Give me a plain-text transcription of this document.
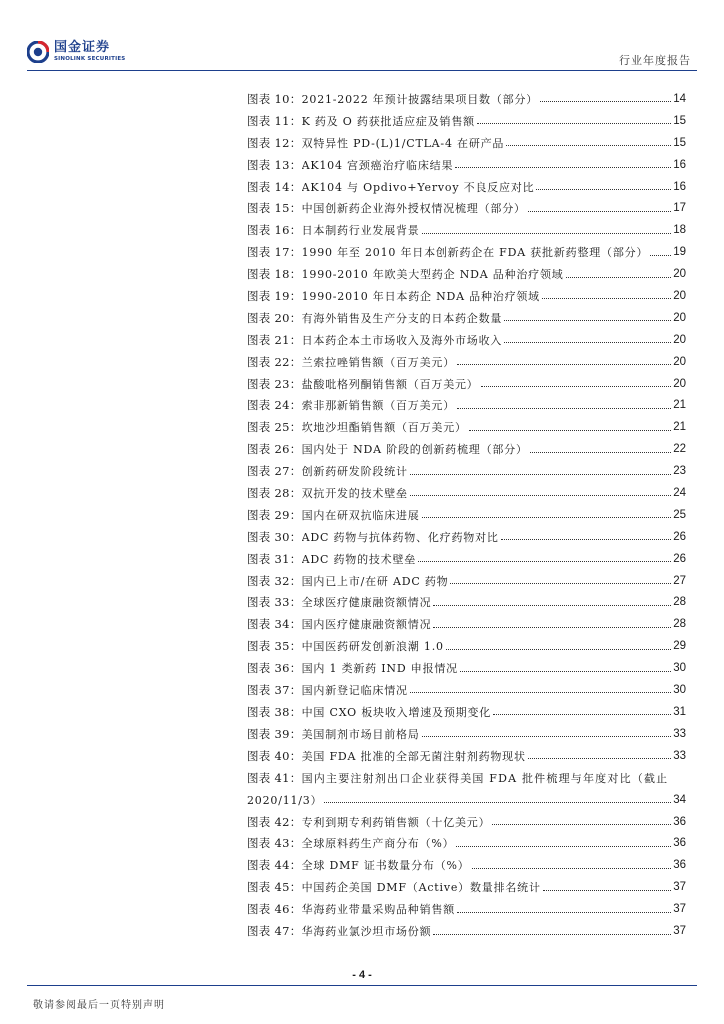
国金证券
SINOLINK SECURITIES	行业年度报告
图表 10： 2021-2022 年预计披露结果项目数（部分）	14
图表 11： K 药及 O 药获批适应症及销售额	15
图表 12： 双特异性 PD-(L)1/CTLA-4 在研产品	15
图表 13： AK104 宫颈癌治疗临床结果	16
图表 14： AK104 与 Opdivo+Yervoy 不良反应对比	16
图表 15： 中国创新药企业海外授权情况梳理（部分）	17
图表 16： 日本制药行业发展背景	18
图表 17： 1990 年至 2010 年日本创新药企在 FDA 获批新药整理（部分） 19
图表 18： 1990-2010 年欧美大型药企 NDA 品种治疗领域	20
图表 19： 1990-2010 年日本药企 NDA 品种治疗领域	20
图表 20： 有海外销售及生产分支的日本药企数量	20
图表 21： 日本药企本土市场收入及海外市场收入	20
图表 22： 兰索拉唑销售额（百万美元）	20
图表 23： 盐酸吡格列酮销售额（百万美元）	20
图表 24： 索非那新销售额（百万美元）	21
图表 25： 坎地沙坦酯销售额（百万美元）	21
图表 26： 国内处于 NDA 阶段的创新药梳理（部分）	22
图表 27： 创新药研发阶段统计	23
图表 28： 双抗开发的技术壁垒	24
图表 29： 国内在研双抗临床进展	25
图表 30： ADC 药物与抗体药物、化疗药物对比	26
图表 31： ADC 药物的技术壁垒	26
图表 32： 国内已上市/在研 ADC 药物	27
图表 33： 全球医疗健康融资额情况	28
图表 34： 国内医疗健康融资额情况	28
图表 35： 中国医药研发创新浪潮 1.0	29
图表 36： 国内 1 类新药 IND 申报情况	30
图表 37： 国内新登记临床情况	30
图表 38： 中国 CXO 板块收入增速及预期变化	31
图表 39： 美国制剂市场目前格局	33
图表 40： 美国 FDA 批准的全部无菌注射剂药物现状	33
图表 41： 国内主要注射剂出口企业获得美国 FDA 批件梳理与年度对比（截止
2020/11/3）	34
图表 42： 专利到期专利药销售额（十亿美元）	36
图表 43： 全球原料药生产商分布（%）	36
图表 44： 全球 DMF 证书数量分布（%）	36
图表 45： 中国药企美国 DMF（Active）数量排名统计	37
图表 46： 华海药业带量采购品种销售额	37
图表 47： 华海药业氯沙坦市场份额	37
- 4 -
敬请参阅最后一页特别声明
